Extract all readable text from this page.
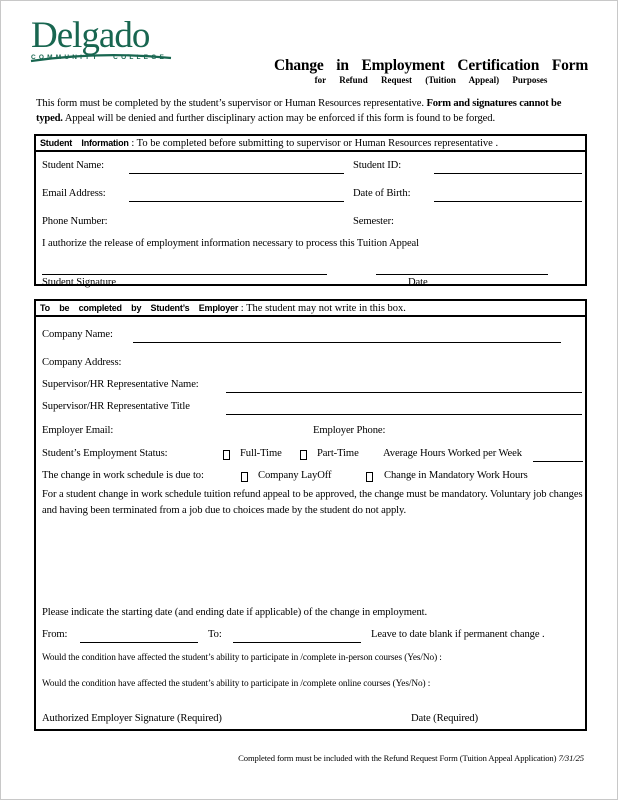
Delgado
COMMUNITY COLLEGE	Change in Employment Certification Form
for Refund Request (Tuition Appeal) Purposes
This form must be completed by the student’s supervisor or Human Resources representative. Form and signatures cannot be typed. Appeal will be denied and further disciplinary action may be enforced if this form is found to be forged.
Student Information : To be completed before submitting to supervisor or Human Resources representative .
Student Name:	Student ID:
Email Address:	Date of Birth:
Phone Number:	Semester:
I authorize the release of employment information necessary to process this Tuition Appeal
Student Signature	Date
To be completed by Student’s Employer : The student may not write in this box.
Company Name:
Company Address:
Supervisor/HR Representative Name:
Supervisor/HR Representative Title
Employer Email:	Employer Phone:
Student’s Employment Status:	Full-Time	Part-Time Average Hours Worked per Week
The change in work schedule is due to:	Company LayOff	Change in Mandatory Work Hours
For a student change in work schedule tuition refund appeal to be approved, the change must be mandatory. Voluntary job changes and having been terminated from a job due to choices made by the student do not apply.
Please indicate the starting date (and ending date if applicable) of the change in employment.
From:	To:	Leave to date blank if permanent change .
Would the condition have affected the student’s ability to participate in /complete in-person courses (Yes/No) :
Would the condition have affected the student’s ability to participate in /complete online courses (Yes/No) :
Authorized Employer Signature (Required)	Date (Required)
Completed form must be included with the Refund Request Form (Tuition Appeal Application) 7/31/25
